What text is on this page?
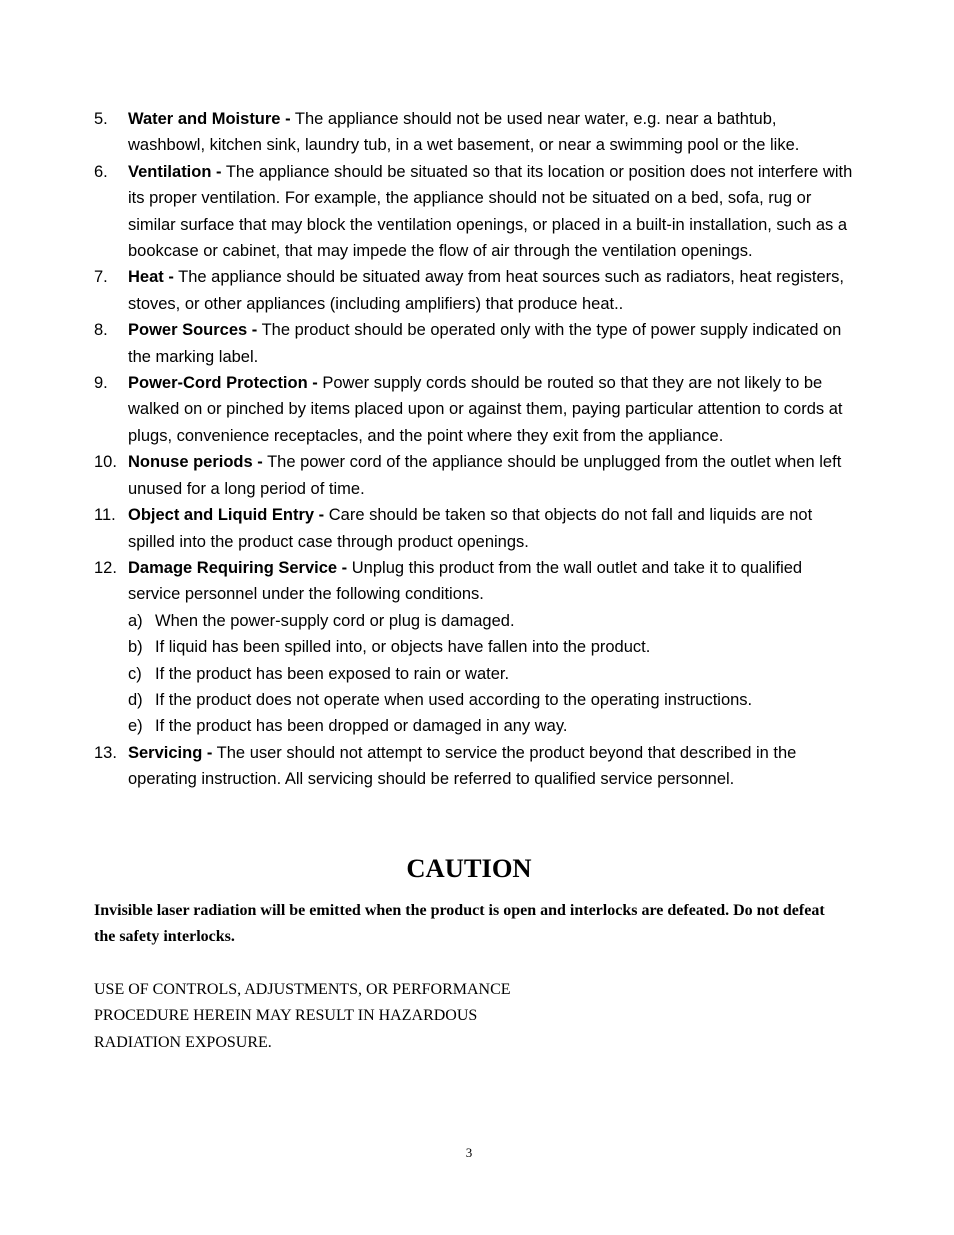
5. Water and Moisture - The appliance should not be used near water, e.g. near a bathtub, washbowl, kitchen sink, laundry tub, in a wet basement, or near a swimming pool or the like.
6. Ventilation - The appliance should be situated so that its location or position does not interfere with its proper ventilation. For example, the appliance should not be situated on a bed, sofa, rug or similar surface that may block the ventilation openings, or placed in a built-in installation, such as a bookcase or cabinet, that may impede the flow of air through the ventilation openings.
7. Heat - The appliance should be situated away from heat sources such as radiators, heat registers, stoves, or other appliances (including amplifiers) that produce heat..
8. Power Sources - The product should be operated only with the type of power supply indicated on the marking label.
9. Power-Cord Protection - Power supply cords should be routed so that they are not likely to be walked on or pinched by items placed upon or against them, paying particular attention to cords at plugs, convenience receptacles, and the point where they exit from the appliance.
10. Nonuse periods - The power cord of the appliance should be unplugged from the outlet when left unused for a long period of time.
11. Object and Liquid Entry - Care should be taken so that objects do not fall and liquids are not spilled into the product case through product openings.
12. Damage Requiring Service - Unplug this product from the wall outlet and take it to qualified service personnel under the following conditions.
a) When the power-supply cord or plug is damaged.
b) If liquid has been spilled into, or objects have fallen into the product.
c) If the product has been exposed to rain or water.
d) If the product does not operate when used according to the operating instructions.
e) If the product has been dropped or damaged in any way.
13. Servicing - The user should not attempt to service the product beyond that described in the operating instruction. All servicing should be referred to qualified service personnel.
CAUTION
Invisible laser radiation will be emitted when the product is open and interlocks are defeated. Do not defeat the safety interlocks.
USE OF CONTROLS, ADJUSTMENTS, OR PERFORMANCE
PROCEDURE HEREIN MAY RESULT IN HAZARDOUS
RADIATION EXPOSURE.
3
